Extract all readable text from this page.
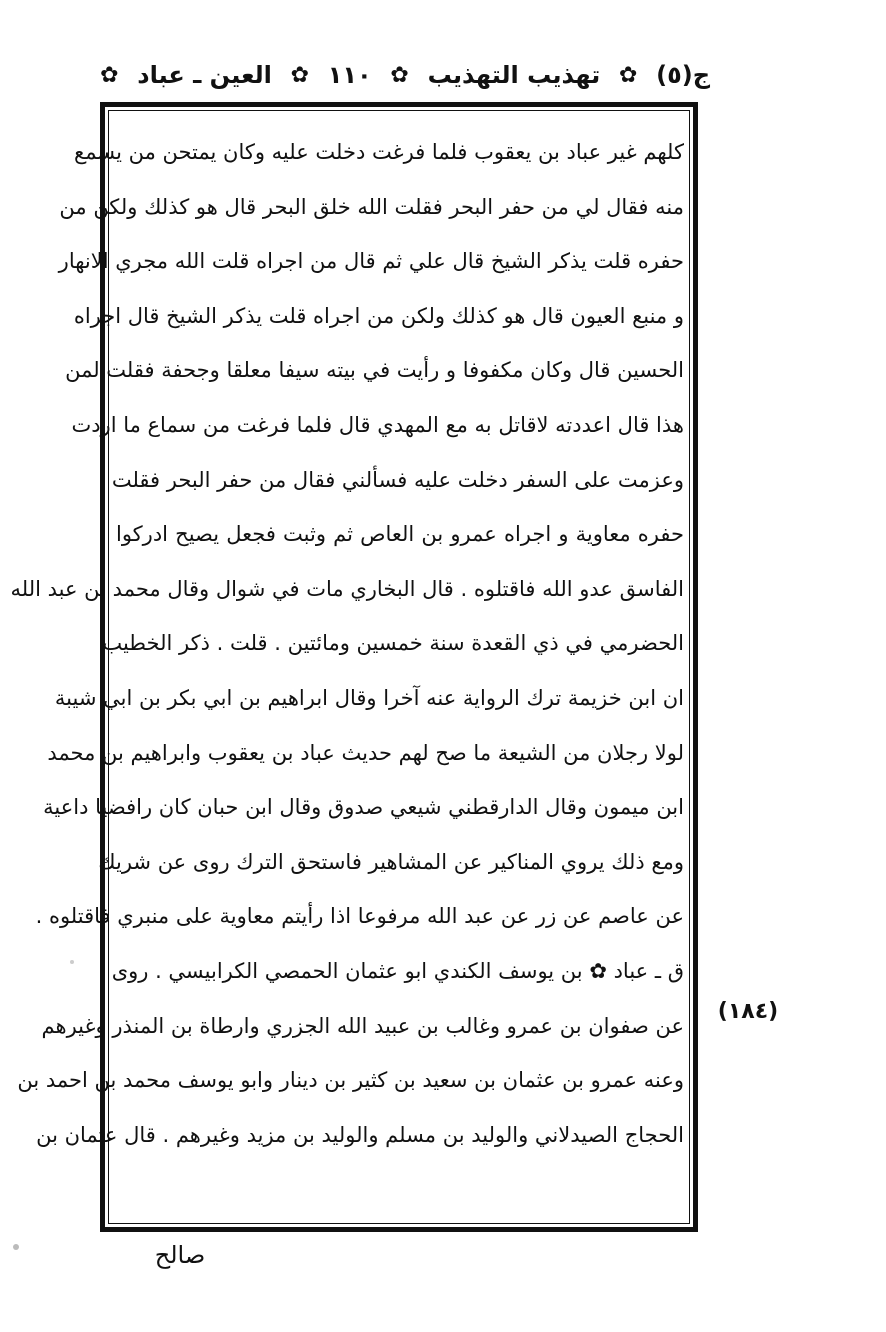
ج(٥)
✿
تهذيب التهذيب
✿
١١٠
✿
العين ـ عباد
✿
كلهم غير عباد بن يعقوب فلما فرغت دخلت عليه وكان يمتحن من يسمع
منه فقال لي من حفر البحر فقلت الله خلق البحر قال هو كذلك ولكن من
حفره قلت يذكر الشيخ قال علي ثم قال من اجراه قلت الله مجري الانهار
و منبع العيون قال هو كذلك ولكن من اجراه قلت يذكر الشيخ قال اجراه
الحسين قال وكان مكفوفا و رأيت في بيته سيفا معلقا وجحفة فقلت لمن
هذا قال اعددته لاقاتل به مع المهدي قال فلما فرغت من سماع ما اردت
وعزمت على السفر دخلت عليه فسألني فقال من حفر البحر فقلت
حفره معاوية و اجراه عمرو بن العاص ثم وثبت فجعل يصيح ادركوا
الفاسق عدو الله فاقتلوه . قال البخاري مات في شوال وقال محمد بن عبد الله
الحضرمي في ذي القعدة سنة خمسين ومائتين . قلت . ذكر الخطيب
ان ابن خزيمة ترك الرواية عنه آخرا وقال ابراهيم بن ابي بكر بن ابي شيبة
لولا رجلان من الشيعة ما صح لهم حديث عباد بن يعقوب وابراهيم بن محمد
ابن ميمون وقال الدارقطني شيعي صدوق وقال ابن حبان كان رافضيا داعية
ومع ذلك يروي المناكير عن المشاهير فاستحق الترك روى عن شريك
عن عاصم عن زر عن عبد الله مرفوعا اذا رأيتم معاوية على منبري فاقتلوه .
ق ـ عباد ✿ بن يوسف الكندي ابو عثمان الحمصي الكرابيسي . روى
عن صفوان بن عمرو وغالب بن عبيد الله الجزري وارطاة بن المنذر وغيرهم
وعنه عمرو بن عثمان بن سعيد بن كثير بن دينار وابو يوسف محمد بن احمد بن
الحجاج الصيدلاني والوليد بن مسلم والوليد بن مزيد وغيرهم . قال عثمان بن
(١٨٤)
صالح
